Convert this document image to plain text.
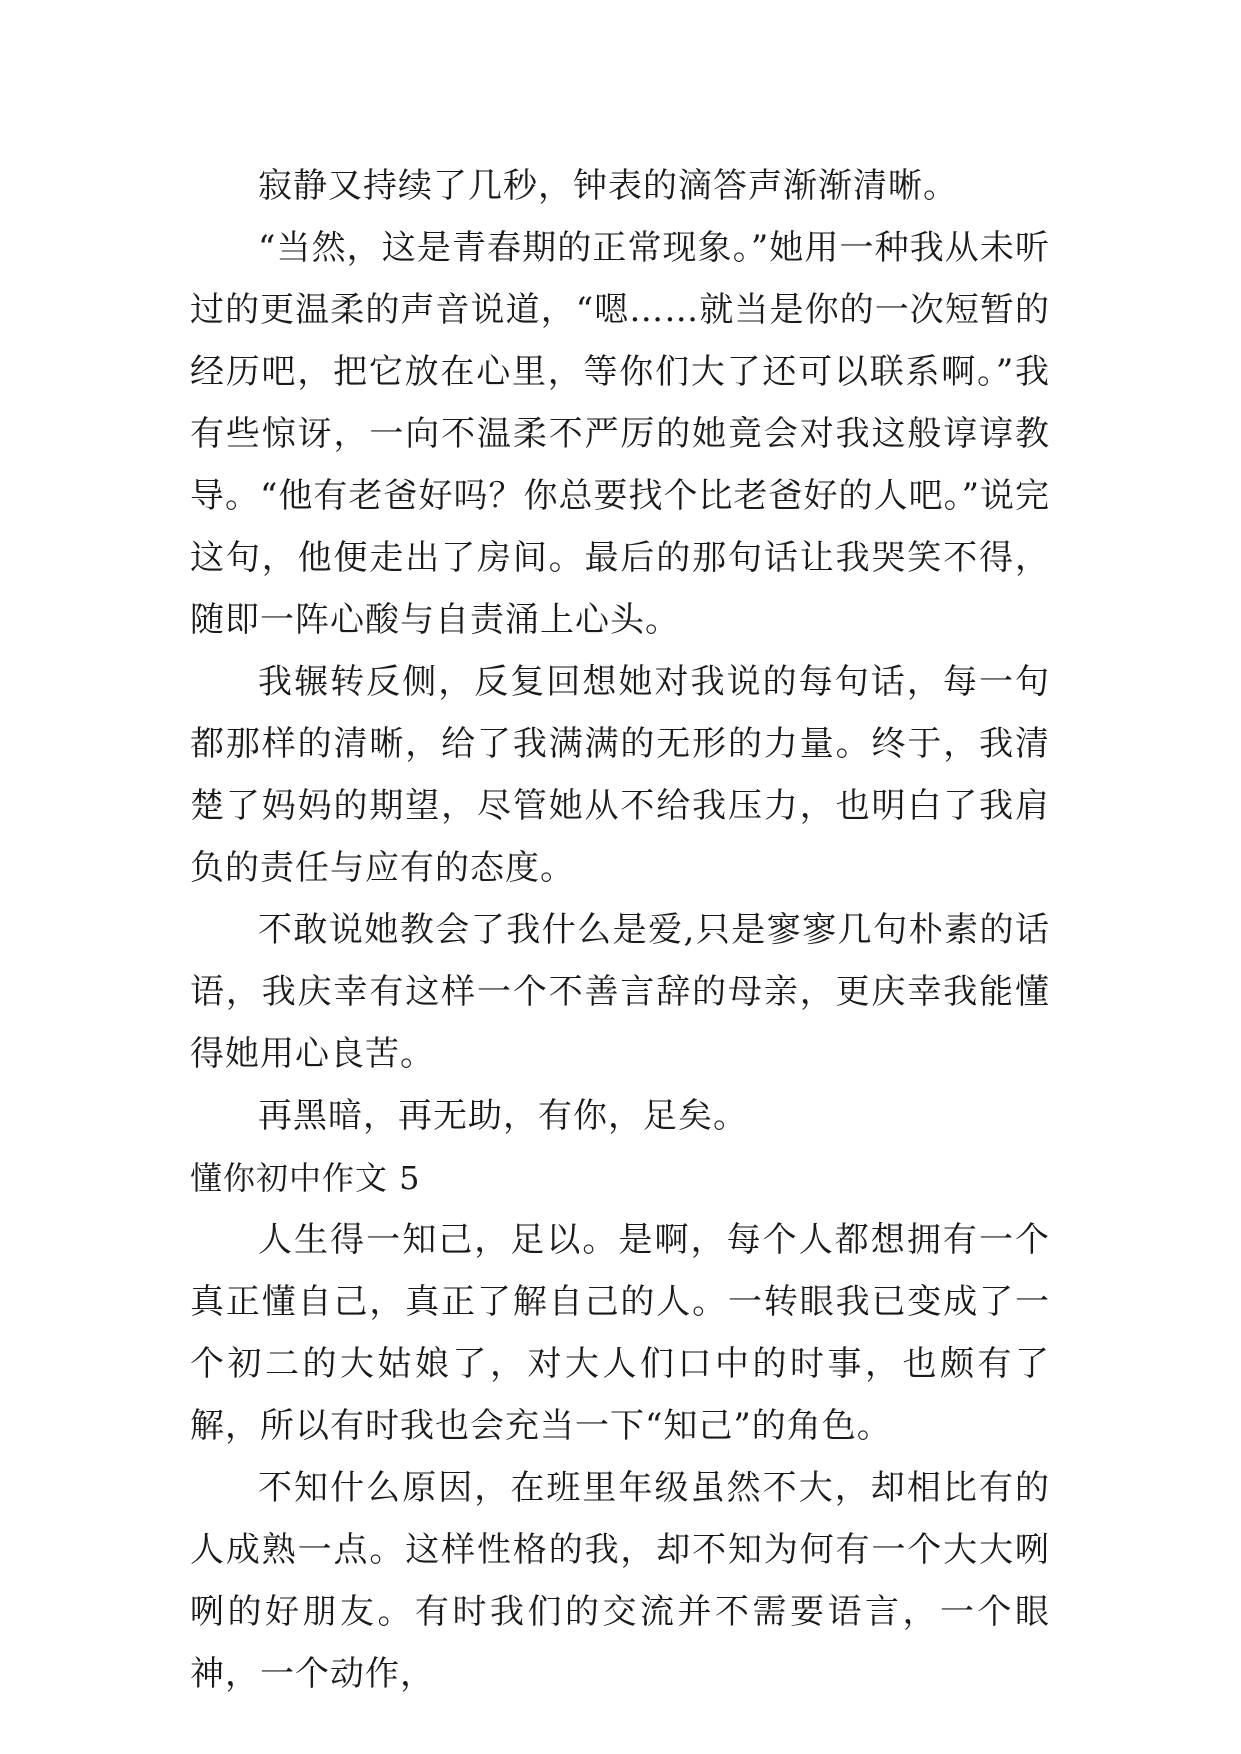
寂静又持续了几秒，钟表的滴答声渐渐清晰。

“当然，这是青春期的正常现象。”她用一种我从未听过的更温柔的声音说道，“嗯……就当是你的一次短暂的经历吧，把它放在心里，等你们大了还可以联系啊。”我有些惊讶，一向不温柔不严厉的她竟会对我这般谆谆教导。“他有老爸好吗？你总要找个比老爸好的人吧。”说完这句，他便走出了房间。最后的那句话让我哭笑不得，随即一阵心酸与自责涌上心头。

我辗转反侧，反复回想她对我说的每句话，每一句都那样的清晰，给了我满满的无形的力量。终于，我清楚了妈妈的期望，尽管她从不给我压力，也明白了我肩负的责任与应有的态度。

不敢说她教会了我什么是爱,只是寥寥几句朴素的话语，我庆幸有这样一个不善言辞的母亲，更庆幸我能懂得她用心良苦。

再黑暗，再无助，有你，足矣。

懂你初中作文 5

人生得一知己，足以。是啊，每个人都想拥有一个真正懂自己，真正了解自己的人。一转眼我已变成了一个初二的大姑娘了，对大人们口中的时事，也颇有了解，所以有时我也会充当一下“知己”的角色。

不知什么原因，在班里年级虽然不大，却相比有的人成熟一点。这样性格的我，却不知为何有一个大大咧咧的好朋友。有时我们的交流并不需要语言，一个眼神，一个动作，
